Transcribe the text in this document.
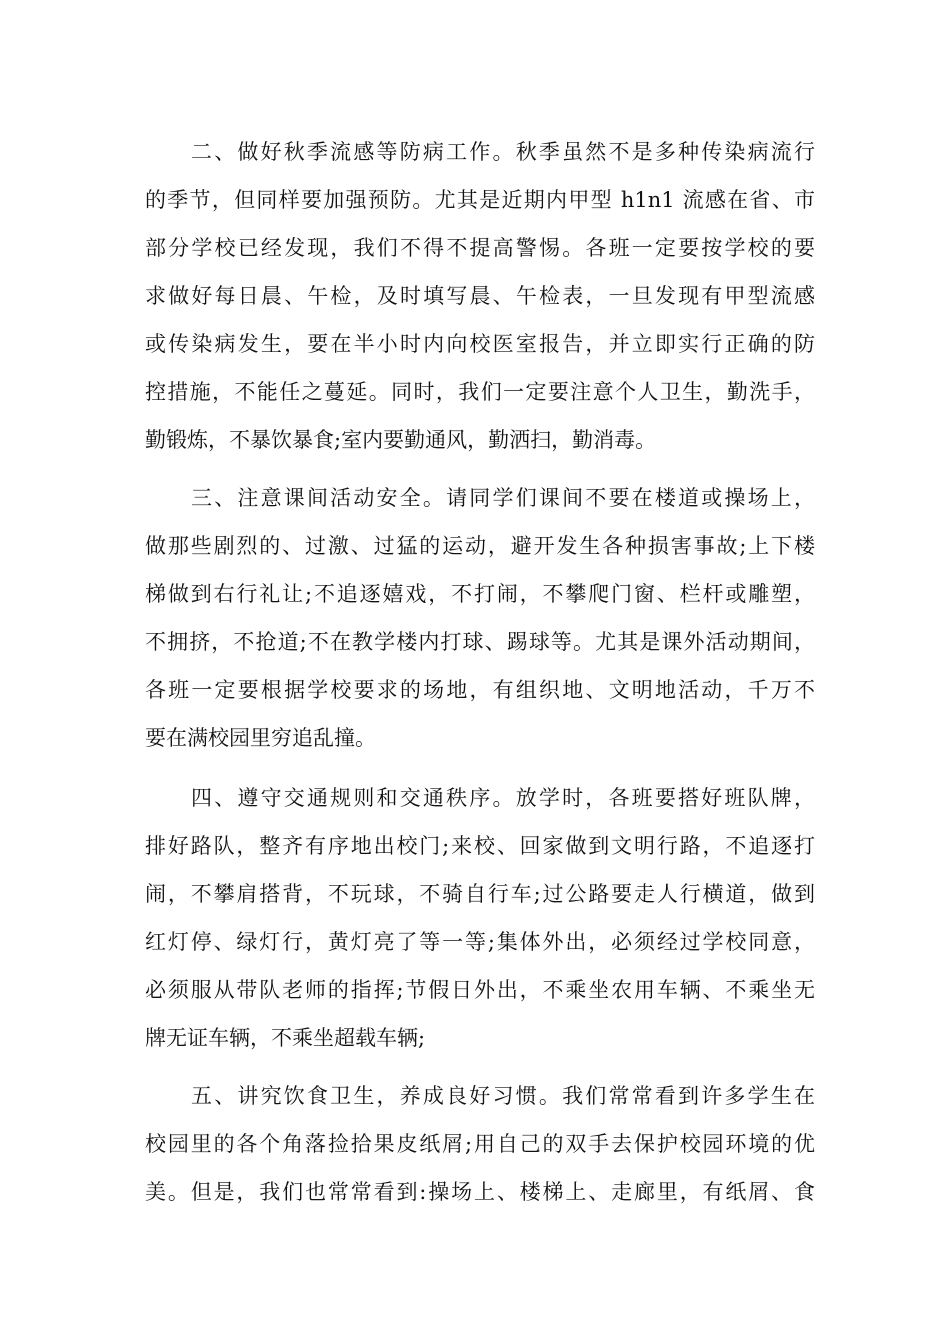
二、做好秋季流感等防病工作。秋季虽然不是多种传染病流行
的季节，但同样要加强预防。尤其是近期内甲型 h1n1 流感在省、市
部分学校已经发现，我们不得不提高警惕。各班一定要按学校的要
求做好每日晨、午检，及时填写晨、午检表，一旦发现有甲型流感
或传染病发生，要在半小时内向校医室报告，并立即实行正确的防
控措施，不能任之蔓延。同时，我们一定要注意个人卫生，勤洗手，
勤锻炼，不暴饮暴食;室内要勤通风，勤洒扫，勤消毒。
三、注意课间活动安全。请同学们课间不要在楼道或操场上，
做那些剧烈的、过激、过猛的运动，避开发生各种损害事故;上下楼
梯做到右行礼让;不追逐嬉戏，不打闹，不攀爬门窗、栏杆或雕塑，
不拥挤，不抢道;不在教学楼内打球、踢球等。尤其是课外活动期间，
各班一定要根据学校要求的场地，有组织地、文明地活动，千万不
要在满校园里穷追乱撞。
四、遵守交通规则和交通秩序。放学时，各班要搭好班队牌，
排好路队，整齐有序地出校门;来校、回家做到文明行路，不追逐打
闹，不攀肩搭背，不玩球，不骑自行车;过公路要走人行横道，做到
红灯停、绿灯行，黄灯亮了等一等;集体外出，必须经过学校同意，
必须服从带队老师的指挥;节假日外出，不乘坐农用车辆、不乘坐无
牌无证车辆，不乘坐超载车辆;
五、讲究饮食卫生，养成良好习惯。我们常常看到许多学生在
校园里的各个角落捡拾果皮纸屑;用自己的双手去保护校园环境的优
美。但是，我们也常常看到:操场上、楼梯上、走廊里，有纸屑、食
